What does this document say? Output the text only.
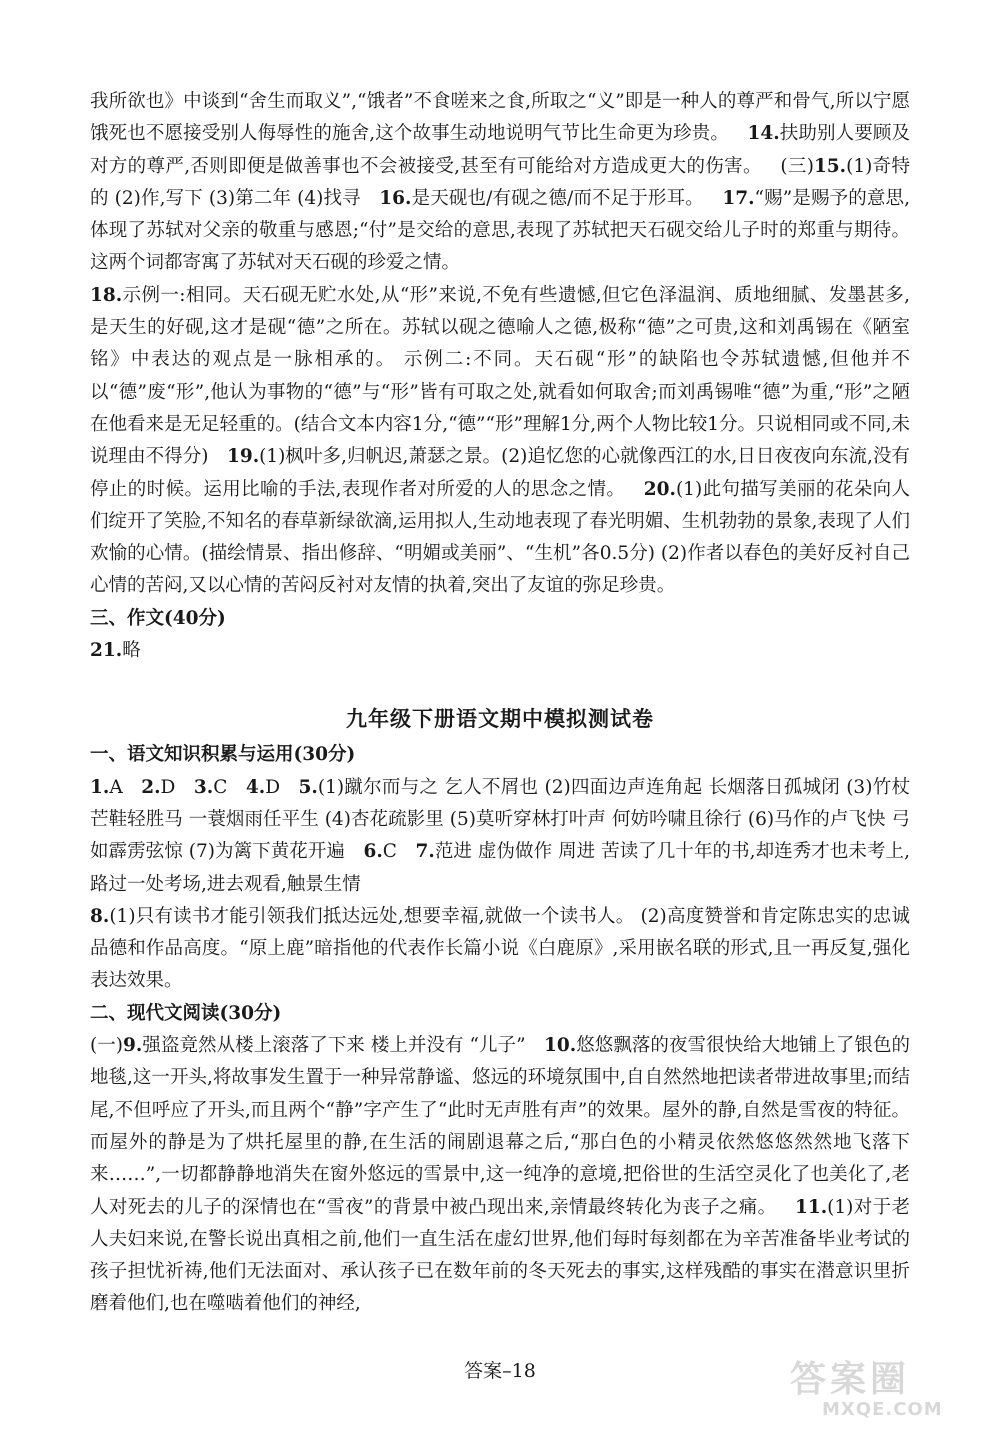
我所欲也》中谈到“舍生而取义”,“饿者”不食嗟来之食,所取之“义”即是一种人的尊严和骨气,所以宁愿饿死也不愿接受别人侮辱性的施舍,这个故事生动地说明气节比生命更为珍贵。  14.扶助别人要顾及对方的尊严,否则即便是做善事也不会被接受,甚至有可能给对方造成更大的伤害。  (三)15.(1)奇特的 (2)作,写下 (3)第二年 (4)找寻  16.是天砚也/有砚之德/而不足于形耳。  17.“赐”是赐予的意思,体现了苏轼对父亲的敬重与感恩;“付”是交给的意思,表现了苏轼把天石砚交给儿子时的郑重与期待。这两个词都寄寓了苏轼对天石砚的珍爱之情。

18.示例一:相同。天石砚无贮水处,从“形”来说,不免有些遗憾,但它色泽温润、质地细腻、发墨甚多,是天生的好砚,这才是砚“德”之所在。苏轼以砚之德喻人之德,极称“德”之可贵,这和刘禹锡在《陋室铭》中表达的观点是一脉相承的。 示例二:不同。天石砚“形”的缺陷也令苏轼遗憾,但他并不以“德”废“形”,他认为事物的“德”与“形”皆有可取之处,就看如何取舍;而刘禹锡唯“德”为重,“形”之陋在他看来是无足轻重的。(结合文本内容1分,“德”“形”理解1分,两个人物比较1分。只说相同或不同,未说理由不得分)  19.(1)枫叶多,归帆迟,萧瑟之景。(2)追忆您的心就像西江的水,日日夜夜向东流,没有停止的时候。运用比喻的手法,表现作者对所爱的人的思念之情。  20.(1)此句描写美丽的花朵向人们绽开了笑脸,不知名的春草新绿欲滴,运用拟人,生动地表现了春光明媚、生机勃勃的景象,表现了人们欢愉的心情。(描绘情景、指出修辞、“明媚或美丽”、“生机”各0.5分) (2)作者以春色的美好反衬自己心情的苦闷,又以心情的苦闷反衬对友情的执着,突出了友谊的弥足珍贵。

三、作文(40分)

21.略

九年级下册语文期中模拟测试卷

一、语文知识积累与运用(30分)

1.A  2.D  3.C  4.D  5.(1)蹴尔而与之 乞人不屑也 (2)四面边声连角起 长烟落日孤城闭 (3)竹杖芒鞋轻胜马 一蓑烟雨任平生 (4)杏花疏影里 (5)莫听穿林打叶声 何妨吟啸且徐行 (6)马作的卢飞快 弓如霹雳弦惊 (7)为篱下黄花开遍  6.C  7.范进 虚伪做作 周进 苦读了几十年的书,却连秀才也未考上,路过一处考场,进去观看,触景生情

8.(1)只有读书才能引领我们抵达远处,想要幸福,就做一个读书人。 (2)高度赞誉和肯定陈忠实的忠诚品德和作品高度。“原上鹿”暗指他的代表作长篇小说《白鹿原》,采用嵌名联的形式,且一再反复,强化表达效果。

二、现代文阅读(30分)

(一)9.强盗竟然从楼上滚落了下来 楼上并没有 “儿子”  10.悠悠飘落的夜雪很快给大地铺上了银色的地毯,这一开头,将故事发生置于一种异常静谧、悠远的环境氛围中,自自然然地把读者带进故事里;而结尾,不但呼应了开头,而且两个“静”字产生了“此时无声胜有声”的效果。屋外的静,自然是雪夜的特征。而屋外的静是为了烘托屋里的静,在生活的闹剧退幕之后,“那白色的小精灵依然悠悠然然地飞落下来……”,一切都静静地消失在窗外悠远的雪景中,这一纯净的意境,把俗世的生活空灵化了也美化了,老人对死去的儿子的深情也在“雪夜”的背景中被凸现出来,亲情最终转化为丧子之痛。  11.(1)对于老人夫妇来说,在警长说出真相之前,他们一直生活在虚幻世界,他们每时每刻都在为辛苦准备毕业考试的孩子担忧祈祷,他们无法面对、承认孩子已在数年前的冬天死去的事实,这样残酷的事实在潜意识里折磨着他们,也在噬啮着他们的神经,

答案–18	答案圈
MXQE.COM
